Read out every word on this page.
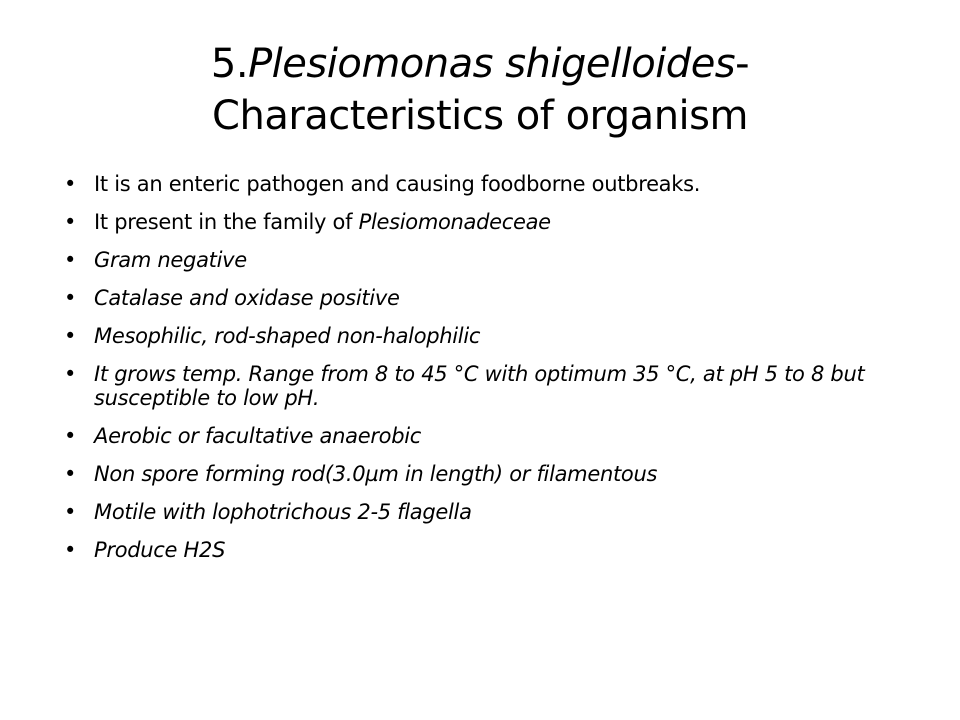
5.Plesiomonas shigelloides-
Characteristics of organism
• It is an enteric pathogen and causing foodborne outbreaks.
• It present in the family of Plesiomonadeceae
• Gram negative
• Catalase and oxidase positive
• Mesophilic, rod-shaped non-halophilic
• It grows temp. Range from 8 to 45 °C with optimum 35 °C, at pH 5 to 8 but susceptible to low pH.
• Aerobic or facultative anaerobic
• Non spore forming rod(3.0µm in length) or filamentous
• Motile with lophotrichous 2-5 flagella
• Produce H2S
